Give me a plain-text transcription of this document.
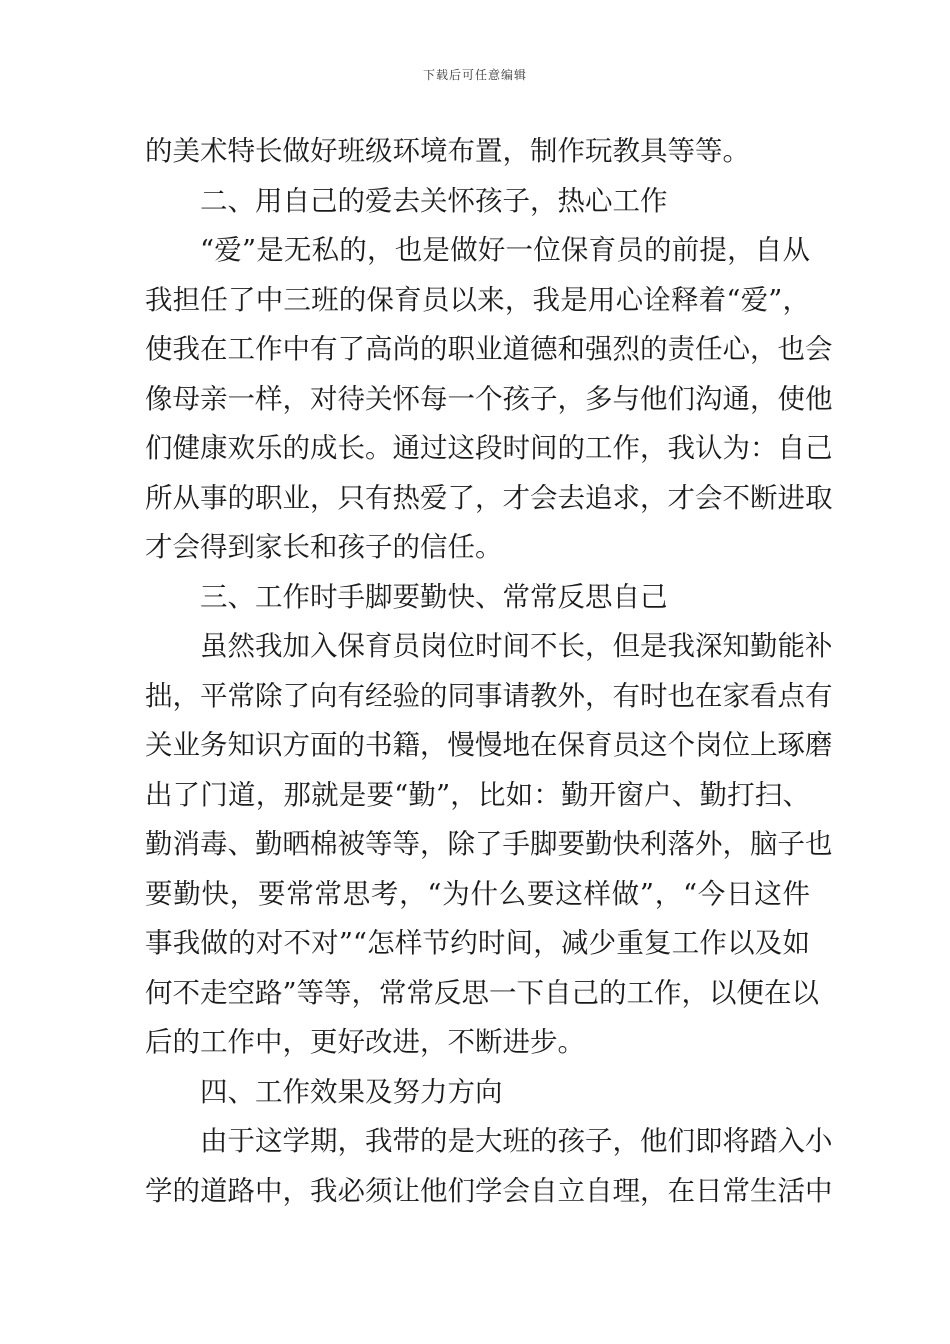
下载后可任意编辑
的美术特长做好班级环境布置，制作玩教具等等。
二、用自己的爱去关怀孩子，热心工作
“爱”是无私的，也是做好一位保育员的前提，自从
我担任了中三班的保育员以来，我是用心诠释着“爱”，
使我在工作中有了高尚的职业道德和强烈的责任心，也会
像母亲一样，对待关怀每一个孩子，多与他们沟通，使他
们健康欢乐的成长。通过这段时间的工作，我认为：自己
所从事的职业，只有热爱了，才会去追求，才会不断进取
才会得到家长和孩子的信任。
三、工作时手脚要勤快、常常反思自己
虽然我加入保育员岗位时间不长，但是我深知勤能补
拙，平常除了向有经验的同事请教外，有时也在家看点有
关业务知识方面的书籍，慢慢地在保育员这个岗位上琢磨
出了门道，那就是要“勤”，比如：勤开窗户、勤打扫、
勤消毒、勤晒棉被等等，除了手脚要勤快利落外，脑子也
要勤快，要常常思考，“为什么要这样做”，“今日这件
事我做的对不对”“怎样节约时间，减少重复工作以及如
何不走空路”等等，常常反思一下自己的工作，以便在以
后的工作中，更好改进，不断进步。
四、工作效果及努力方向
由于这学期，我带的是大班的孩子，他们即将踏入小
学的道路中，我必须让他们学会自立自理，在日常生活中
